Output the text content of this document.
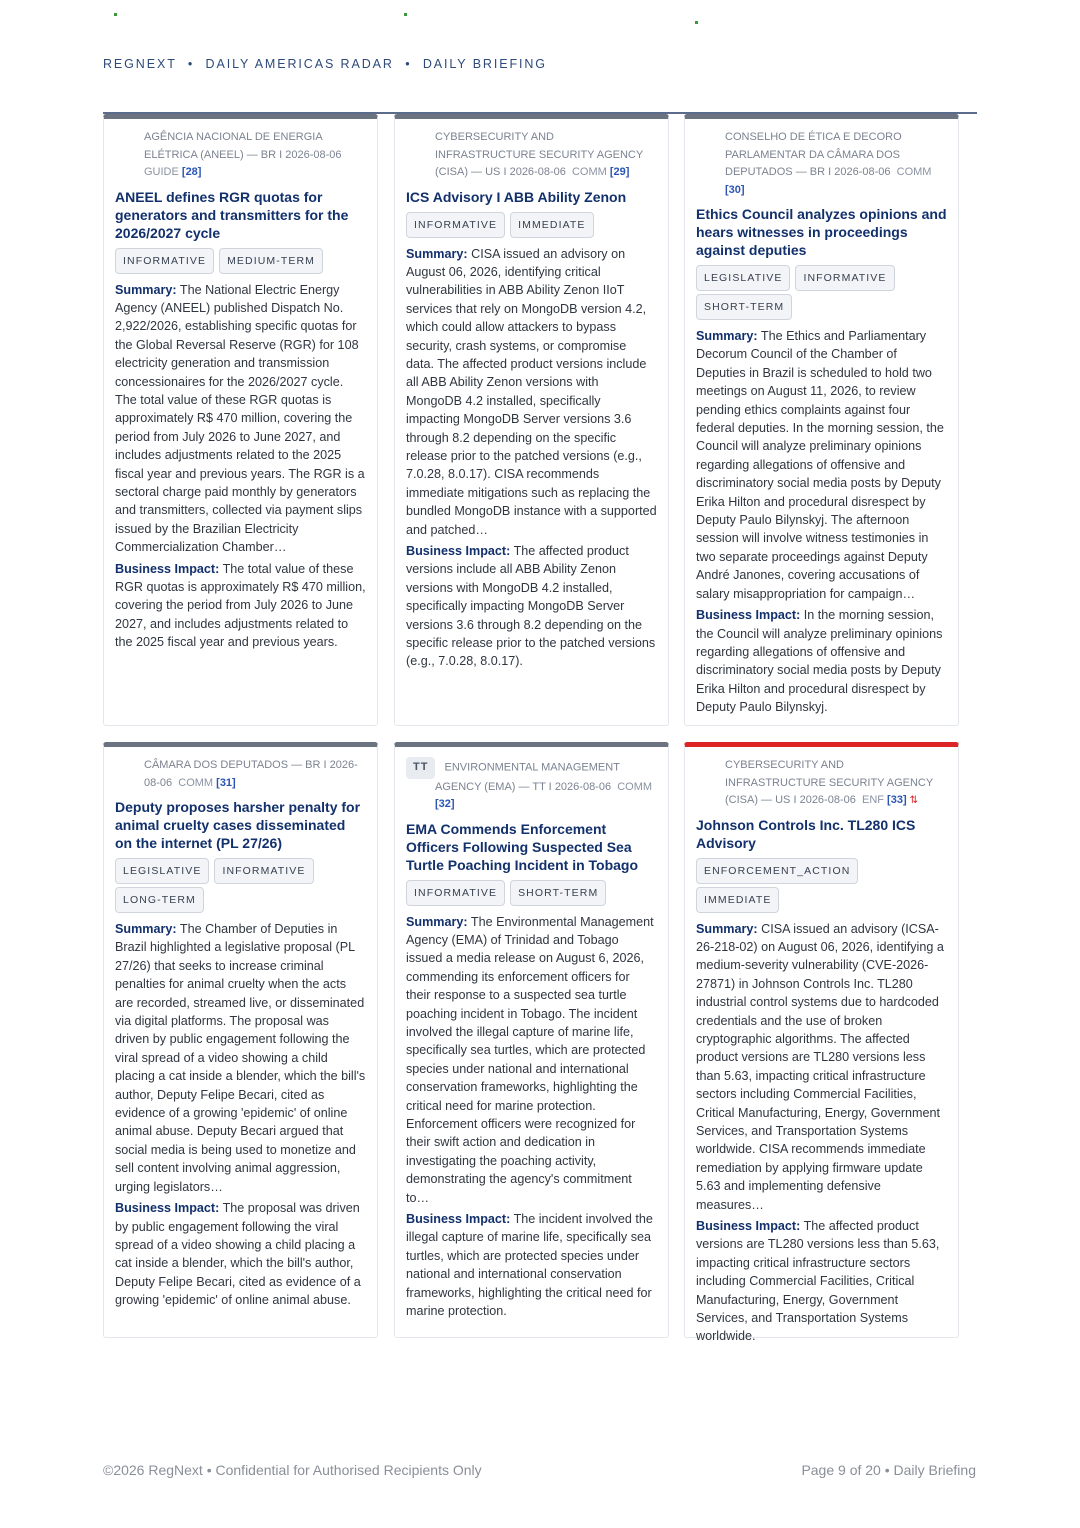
REGNEXT • DAILY AMERICAS RADAR • DAILY BRIEFING
AGÊNCIA NACIONAL DE ENERGIA ELÉTRICA (ANEEL) — BR I 2026-08-06  GUIDE [28]
ANEEL defines RGR quotas for generators and transmitters for the 2026/2027 cycle
INFORMATIVE MEDIUM-TERM
Summary: The National Electric Energy Agency (ANEEL) published Dispatch No. 2,922/2026, establishing specific quotas for the Global Reversal Reserve (RGR) for 108 electricity generation and transmission concessionaires for the 2026/2027 cycle. The total value of these RGR quotas is approximately R$ 470 million, covering the period from July 2026 to June 2027, and includes adjustments related to the 2025 fiscal year and previous years. The RGR is a sectoral charge paid monthly by generators and transmitters, collected via payment slips issued by the Brazilian Electricity Commercialization Chamber…
Business Impact: The total value of these RGR quotas is approximately R$ 470 million, covering the period from July 2026 to June 2027, and includes adjustments related to the 2025 fiscal year and previous years.
CYBERSECURITY AND INFRASTRUCTURE SECURITY AGENCY (CISA) — US I 2026-08-06 COMM [29]
ICS Advisory I ABB Ability Zenon
INFORMATIVE IMMEDIATE
Summary: CISA issued an advisory on August 06, 2026, identifying critical vulnerabilities in ABB Ability Zenon IIoT services that rely on MongoDB version 4.2, which could allow attackers to bypass security, crash systems, or compromise data. The affected product versions include all ABB Ability Zenon versions with MongoDB 4.2 installed, specifically impacting MongoDB Server versions 3.6 through 8.2 depending on the specific release prior to the patched versions (e.g., 7.0.28, 8.0.17). CISA recommends immediate mitigations such as replacing the bundled MongoDB instance with a supported and patched…
Business Impact: The affected product versions include all ABB Ability Zenon versions with MongoDB 4.2 installed, specifically impacting MongoDB Server versions 3.6 through 8.2 depending on the specific release prior to the patched versions (e.g., 7.0.28, 8.0.17).
CONSELHO DE ÉTICA E DECORO PARLAMENTAR DA CÂMARA DOS DEPUTADOS — BR I 2026-08-06 COMM [30]
Ethics Council analyzes opinions and hears witnesses in proceedings against deputies
LEGISLATIVE INFORMATIVESHORT-TERM
Summary: The Ethics and Parliamentary Decorum Council of the Chamber of Deputies in Brazil is scheduled to hold two meetings on August 11, 2026, to review pending ethics complaints against four federal deputies. In the morning session, the Council will analyze preliminary opinions regarding allegations of offensive and discriminatory social media posts by Deputy Erika Hilton and procedural disrespect by Deputy Paulo Bilynskyj. The afternoon session will involve witness testimonies in two separate proceedings against Deputy André Janones, covering accusations of salary misappropriation for campaign…
Business Impact: In the morning session, the Council will analyze preliminary opinions regarding allegations of offensive and discriminatory social media posts by Deputy Erika Hilton and procedural disrespect by Deputy Paulo Bilynskyj.
CÂMARA DOS DEPUTADOS — BR I 2026-08-06 COMM [31]
Deputy proposes harsher penalty for animal cruelty cases disseminated on the internet (PL 27/26)
LEGISLATIVE INFORMATIVELONG-TERM
Summary: The Chamber of Deputies in Brazil highlighted a legislative proposal (PL 27/26) that seeks to increase criminal penalties for animal cruelty when the acts are recorded, streamed live, or disseminated via digital platforms. The proposal was driven by public engagement following the viral spread of a video showing a child placing a cat inside a blender, which the bill's author, Deputy Felipe Becari, cited as evidence of a growing 'epidemic' of online animal abuse. Deputy Becari argued that social media is being used to monetize and sell content involving animal aggression, urging legislators…
Business Impact: The proposal was driven by public engagement following the viral spread of a video showing a child placing a cat inside a blender, which the bill's author, Deputy Felipe Becari, cited as evidence of a growing 'epidemic' of online animal abuse.
TT ENVIRONMENTAL MANAGEMENT AGENCY (EMA) — TT I 2026-08-06 COMM [32]
EMA Commends Enforcement Officers Following Suspected Sea Turtle Poaching Incident in Tobago
INFORMATIVE SHORT-TERM
Summary: The Environmental Management Agency (EMA) of Trinidad and Tobago issued a media release on August 6, 2026, commending its enforcement officers for their response to a suspected sea turtle poaching incident in Tobago. The incident involved the illegal capture of marine life, specifically sea turtles, which are protected species under national and international conservation frameworks, highlighting the critical need for marine protection. Enforcement officers were recognized for their swift action and dedication in investigating the poaching activity, demonstrating the agency's commitment to…
Business Impact: The incident involved the illegal capture of marine life, specifically sea turtles, which are protected species under national and international conservation frameworks, highlighting the critical need for marine protection.
CYBERSECURITY AND INFRASTRUCTURE SECURITY AGENCY (CISA) — US I 2026-08-06 ENF [33] ⇅
Johnson Controls Inc. TL280 ICS Advisory
ENFORCEMENT_ACTIONIMMEDIATE
Summary: CISA issued an advisory (ICSA-26-218-02) on August 06, 2026, identifying a medium-severity vulnerability (CVE-2026-27871) in Johnson Controls Inc. TL280 industrial control systems due to hardcoded credentials and the use of broken cryptographic algorithms. The affected product versions are TL280 versions less than 5.63, impacting critical infrastructure sectors including Commercial Facilities, Critical Manufacturing, Energy, Government Services, and Transportation Systems worldwide. CISA recommends immediate remediation by applying firmware update 5.63 and implementing defensive measures…
Business Impact: The affected product versions are TL280 versions less than 5.63, impacting critical infrastructure sectors including Commercial Facilities, Critical Manufacturing, Energy, Government Services, and Transportation Systems worldwide.
©2026 RegNext • Confidential for Authorised Recipients Only	Page 9 of 20 • Daily Briefing
